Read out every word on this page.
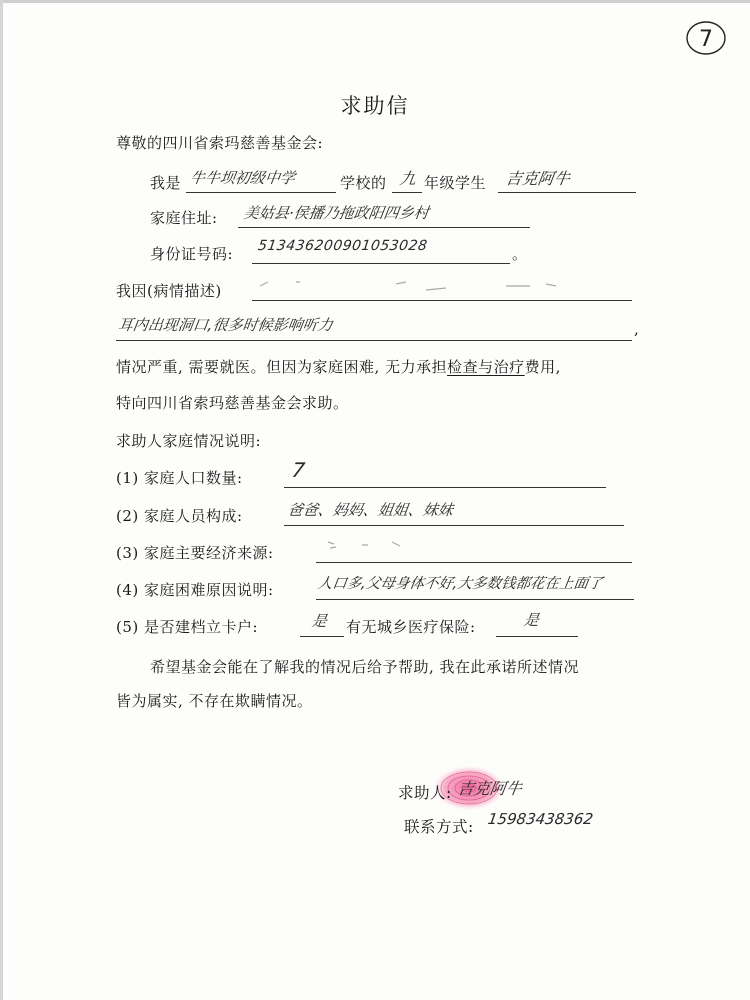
7
求助信
尊敬的四川省索玛慈善基金会:
我是 牛牛坝初级中学	学校的 九 年级学生 吉克阿牛
家庭住址: 美姑县·侯播乃拖政阳四乡村
身份证号码: 513436200901053028	。
我因(病情描述)
耳内出现洞口,很多时候影响听力	,
情况严重, 需要就医。但因为家庭困难, 无力承担检查与治疗费用,
特向四川省索玛慈善基金会求助。
求助人家庭情况说明:
(1) 家庭人口数量: 7
(2) 家庭人员构成:	爸爸、妈妈、姐姐、妹妹
(3) 家庭主要经济来源:
(4) 家庭困难原因说明:	人口多,父母身体不好,大多数钱都花在上面了
(5) 是否建档立卡户:	是 有无城乡医疗保险:	是
希望基金会能在了解我的情况后给予帮助, 我在此承诺所述情况
皆为属实, 不存在欺瞒情况。
求助人: 吉克阿牛
联系方式: 15983438362
